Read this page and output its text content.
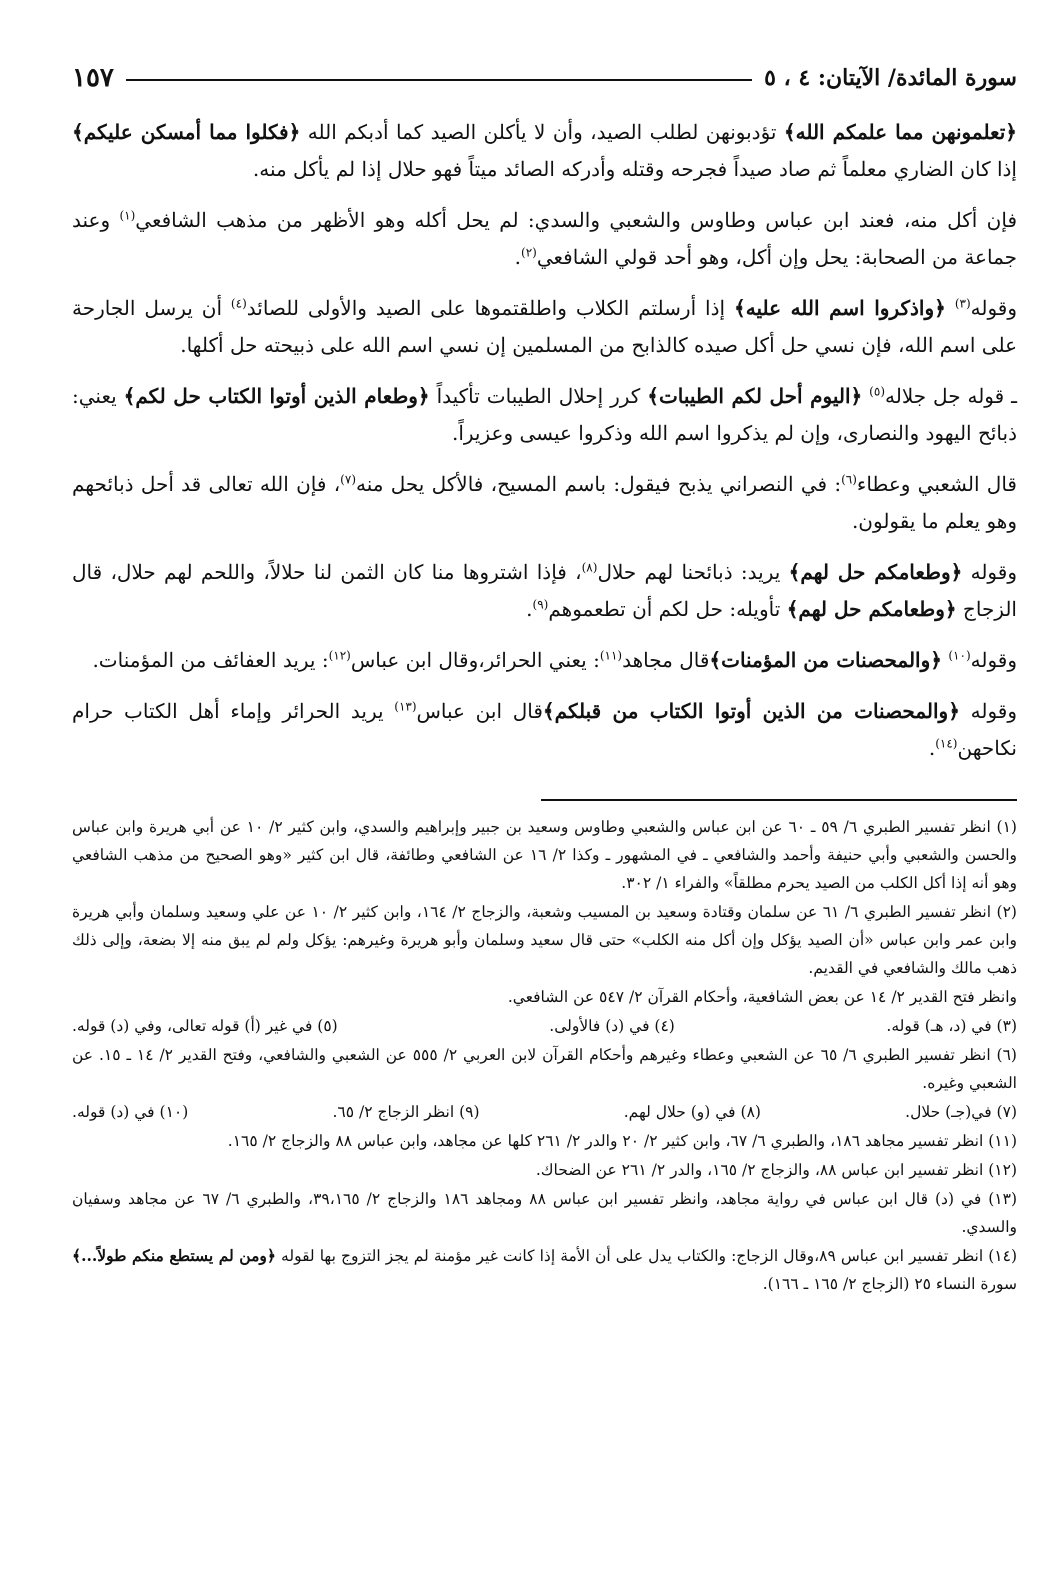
سورة المائدة/ الآيتان: ٤ ، ٥
١٥٧

﴿تعلمونهن مما علمكم الله﴾ تؤدبونهن لطلب الصيد، وأن لا يأكلن الصيد كما أدبكم الله ﴿فكلوا مما أمسكن عليكم﴾ إذا كان الضاري معلماً ثم صاد صيداً فجرحه وقتله وأدركه الصائد ميتاً فهو حلال إذا لم يأكل منه.

فإن أكل منه، فعند ابن عباس وطاوس والشعبي والسدي: لم يحل أكله وهو الأظهر من مذهب الشافعي$^{(١)}$ وعند جماعة من الصحابة: يحل وإن أكل، وهو أحد قولي الشافعي$^{(٢)}$.

وقوله$^{(٣)}$ ﴿واذكروا اسم الله عليه﴾ إذا أرسلتم الكلاب واطلقتموها على الصيد والأولى للصائد$^{(٤)}$ أن يرسل الجارحة على اسم الله، فإن نسي حل أكل صيده كالذابح من المسلمين إن نسي اسم الله على ذبيحته حل أكلها.

ـ قوله جل جلاله$^{(٥)}$ ﴿اليوم أحل لكم الطيبات﴾ كرر إحلال الطيبات تأكيداً ﴿وطعام الذين أوتوا الكتاب حل لكم﴾ يعني: ذبائح اليهود والنصارى، وإن لم يذكروا اسم الله وذكروا عيسى وعزيراً.

قال الشعبي وعطاء$^{(٦)}$: في النصراني يذبح فيقول: باسم المسيح، فالأكل يحل منه$^{(٧)}$، فإن الله تعالى قد أحل ذبائحهم وهو يعلم ما يقولون.

وقوله ﴿وطعامكم حل لهم﴾ يريد: ذبائحنا لهم حلال$^{(٨)}$، فإذا اشتروها منا كان الثمن لنا حلالاً، واللحم لهم حلال، قال الزجاج ﴿وطعامكم حل لهم﴾ تأويله: حل لكم أن تطعموهم$^{(٩)}$.

وقوله$^{(١٠)}$ ﴿والمحصنات من المؤمنات﴾قال مجاهد$^{(١١)}$: يعني الحرائر،وقال ابن عباس$^{(١٢)}$: يريد العفائف من المؤمنات.

وقوله ﴿والمحصنات من الذين أوتوا الكتاب من قبلكم﴾قال ابن عباس$^{(١٣)}$ يريد الحرائر وإماء أهل الكتاب حرام نكاحهن$^{(١٤)}$.

(١) انظر تفسير الطبري ٦/ ٥٩ ـ ٦٠ عن ابن عباس والشعبي وطاوس وسعيد بن جبير وإبراهيم والسدي، وابن كثير ٢/ ١٠ عن أبي هريرة وابن عباس والحسن والشعبي وأبي حنيفة وأحمد والشافعي ـ في المشهور ـ وكذا ٢/ ١٦ عن الشافعي وطائفة، قال ابن كثير «وهو الصحيح من مذهب الشافعي وهو أنه إذا أكل الكلب من الصيد يحرم مطلقاً» والفراء ١/ ٣٠٢.

(٢) انظر تفسير الطبري ٦/ ٦١ عن سلمان وقتادة وسعيد بن المسيب وشعبة، والزجاج ٢/ ١٦٤، وابن كثير ٢/ ١٠ عن علي وسعيد وسلمان وأبي هريرة وابن عمر وابن عباس «أن الصيد يؤكل وإن أكل منه الكلب» حتى قال سعيد وسلمان وأبو هريرة وغيرهم: يؤكل ولم لم يبق منه إلا بضعة، وإلى ذلك ذهب مالك والشافعي في القديم.

وانظر فتح القدير ٢/ ١٤ عن بعض الشافعية، وأحكام القرآن ٢/ ٥٤٧ عن الشافعي.

(٣) في (د، هـ) قوله.
(٤) في (د) فالأولى.
(٥) في غير (أ) قوله تعالى، وفي (د) قوله.

(٦) انظر تفسير الطبري ٦/ ٦٥ عن الشعبي وعطاء وغيرهم وأحكام القرآن لابن العربي ٢/ ٥٥٥ عن الشعبي والشافعي، وفتح القدير ٢/ ١٤ ـ ١٥. عن الشعبي وغيره.

(٧) في(جـ) حلال.
(٨) في (و) حلال لهم.
(٩) انظر الزجاج ٢/ ٦٥.
(١٠) في (د) قوله.

(١١) انظر تفسير مجاهد ١٨٦، والطبري ٦/ ٦٧، وابن كثير ٢/ ٢٠ والدر ٢/ ٢٦١ كلها عن مجاهد، وابن عباس ٨٨ والزجاج ٢/ ١٦٥.

(١٢) انظر تفسير ابن عباس ٨٨، والزجاج ٢/ ١٦٥، والدر ٢/ ٢٦١ عن الضحاك.

(١٣) في (د) قال ابن عباس في رواية مجاهد، وانظر تفسير ابن عباس ٨٨ ومجاهد ١٨٦ والزجاج ٢/ ٣٩،١٦٥، والطبري ٦/ ٦٧ عن مجاهد وسفيان والسدي.

(١٤) انظر تفسير ابن عباس ٨٩،وقال الزجاج: والكتاب يدل على أن الأمة إذا كانت غير مؤمنة لم يجز التزوج بها لقوله ﴿ومن لم يستطع منكم طولاً...﴾ سورة النساء ٢٥ (الزجاج ٢/ ١٦٥ ـ ١٦٦).
